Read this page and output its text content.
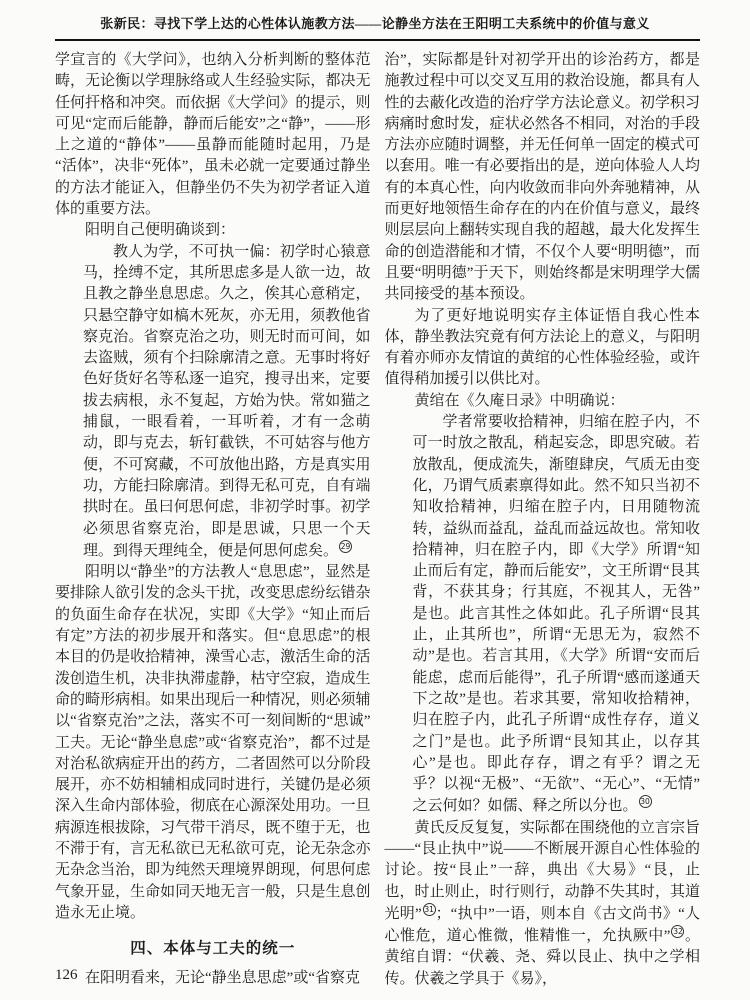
张新民：寻找下学上达的心性体认施教方法——论静坐方法在王阳明工夫系统中的价值与意义

学宣言的《大学问》，也纳入分析判断的整体范畴，无论衡以学理脉络或人生经验实际，都决无任何扞格和冲突。而依据《大学问》的提示，则可见“定而后能静，静而后能安”之“静”，——形上之道的“静体”——虽静而能随时起用，乃是“活体”，决非“死体”，虽未必就一定要通过静坐的方法才能证入，但静坐仍不失为初学者证入道体的重要方法。

阳明自己便明确谈到：

教人为学，不可执一偏：初学时心猿意马，拴缚不定，其所思虑多是人欲一边，故且教之静坐息思虑。久之，俟其心意稍定，只悬空静守如槁木死灰，亦无用，须教他省察克治。省察克治之功，则无时而可间，如去盗贼，须有个扫除廓清之意。无事时将好色好货好名等私逐一追究，搜寻出来，定要拔去病根，永不复起，方始为快。常如猫之捕鼠，一眼看着，一耳听着，才有一念萌动，即与克去，斩钉截铁，不可姑容与他方便，不可窝藏，不可放他出路，方是真实用功，方能扫除廓清。到得无私可克，自有端拱时在。虽曰何思何虑，非初学时事。初学必须思省察克治，即是思诚，只思一个天理。到得天理纯全，便是何思何虑矣。 $^{29}$

阳明以“静坐”的方法教人“息思虑”，显然是要排除人欲引发的念头干扰，改变思虑纷纭错杂的负面生命存在状况，实即《大学》“知止而后有定”方法的初步展开和落实。但“息思虑”的根本目的仍是收拾精神，澡雪心志，激活生命的活泼创造生机，决非执滞虚静，枯守空寂，造成生命的畸形病相。如果出现后一种情况，则必须辅以“省察克治”之法，落实不可一刻间断的“思诚”工夫。无论“静坐息虑”或“省察克治”，都不过是对治私欲病症开出的药方，二者固然可以分阶段展开，亦不妨相辅相成同时进行，关键仍是必须深入生命内部体验，彻底在心源深处用功。一旦病源连根拔除，习气带干消尽，既不堕于无，也不滞于有，言无私欲已无私欲可克，论无杂念亦无杂念当治，即为纯然天理境界朗现，何思何虑气象开显，生命如同天地无言一般，只是生息创造永无止境。

四、本体与工夫的统一

在阳明看来，无论“静坐息思虑”或“省察克

治”，实际都是针对初学开出的诊治药方，都是施教过程中可以交叉互用的救治设施，都具有人性的去蔽化改造的治疗学方法论意义。初学积习病痛时愈时发，症状必然各不相同，对治的手段方法亦应随时调整，并无任何单一固定的模式可以套用。唯一有必要指出的是，逆向体验人人均有的本真心性，向内收敛而非向外奔驰精神，从而更好地领悟生命存在的内在价值与意义，最终则层层向上翻转实现自我的超越，最大化发挥生命的创造潜能和才情，不仅个人要“明明德”，而且要“明明德”于天下，则始终都是宋明理学大儒共同接受的基本预设。

为了更好地说明实存主体证悟自我心性本体，静坐教法究竟有何方法论上的意义，与阳明有着亦师亦友情谊的黄绾的心性体验经验，或许值得稍加援引以供比对。

黄绾在《久庵日录》中明确说：

学者常要收拾精神，归缩在腔子内，不可一时放之散乱，稍起妄念，即思究破。若放散乱，便成流失，渐堕肆戾，气质无由变化，乃谓气质素禀得如此。然不知只当初不知收拾精神，归缩在腔子内，日用随物流转，益纵而益乱，益乱而益远故也。常知收拾精神，归在腔子内，即《大学》所谓“知止而后有定，静而后能安”，文王所谓“艮其背，不获其身；行其庭，不视其人，无咎”是也。此言其性之体如此。孔子所谓“艮其止，止其所也”，所谓“无思无为，寂然不动”是也。若言其用，《大学》所谓“安而后能虑，虑而后能得”，孔子所谓“感而遂通天下之故”是也。若求其要，常知收拾精神，归在腔子内，此孔子所谓“成性存存，道义之门”是也。此予所谓“艮知其止，以存其心”是也。即此存存，谓之有乎？谓之无乎？以视“无极”、“无欲”、“无心”、“无情”之云何如？如儒、释之所以分也。 $^{30}$

黄氏反反复复，实际都在围绕他的立言宗旨——“艮止执中”说——不断展开源自心性体验的讨论。按“艮止”一辞，典出《大易》“艮，止也，时止则止，时行则行，动静不失其时，其道光明” $^{31}$ ；“执中”一语，则本自《古文尚书》“人心惟危，道心惟微，惟精惟一，允执厥中” $^{32}$ 。黄绾自谓：“伏羲、尧、舜以艮止、执中之学相传。伏羲之学具于《易》，

126
